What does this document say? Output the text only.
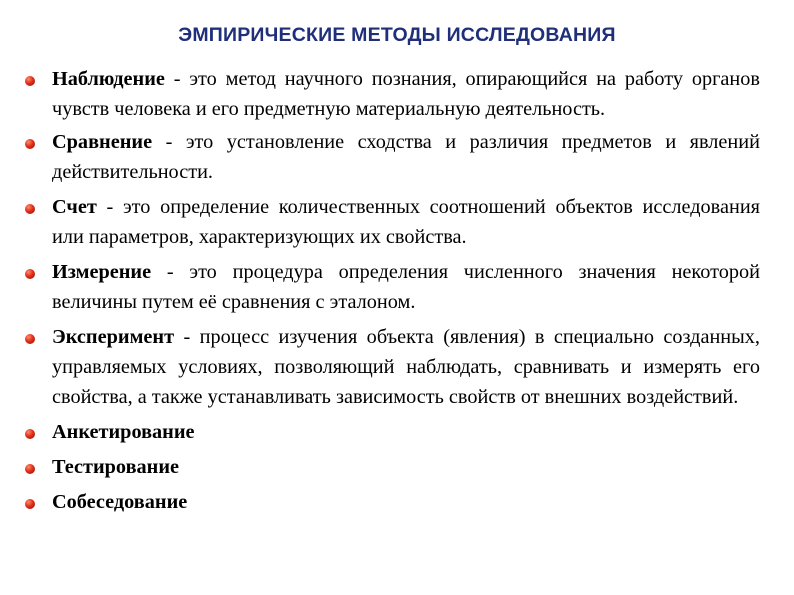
ЭМПИРИЧЕСКИЕ МЕТОДЫ ИССЛЕДОВАНИЯ
Наблюдение - это метод научного познания, опирающийся на работу органов чувств человека и его предметную материальную деятельность.
Сравнение - это установление сходства и различия предметов и явлений действительности.
Счет - это определение количественных соотношений объектов исследования или параметров, характеризующих их свойства.
Измерение - это процедура определения численного значения некоторой величины путем её сравнения с эталоном.
Эксперимент - процесс изучения объекта (явления) в специально созданных, управляемых условиях, позволяющий наблюдать, сравнивать и измерять его свойства, а также устанавливать зависимость свойств от внешних воздействий.
Анкетирование
Тестирование
Собеседование
